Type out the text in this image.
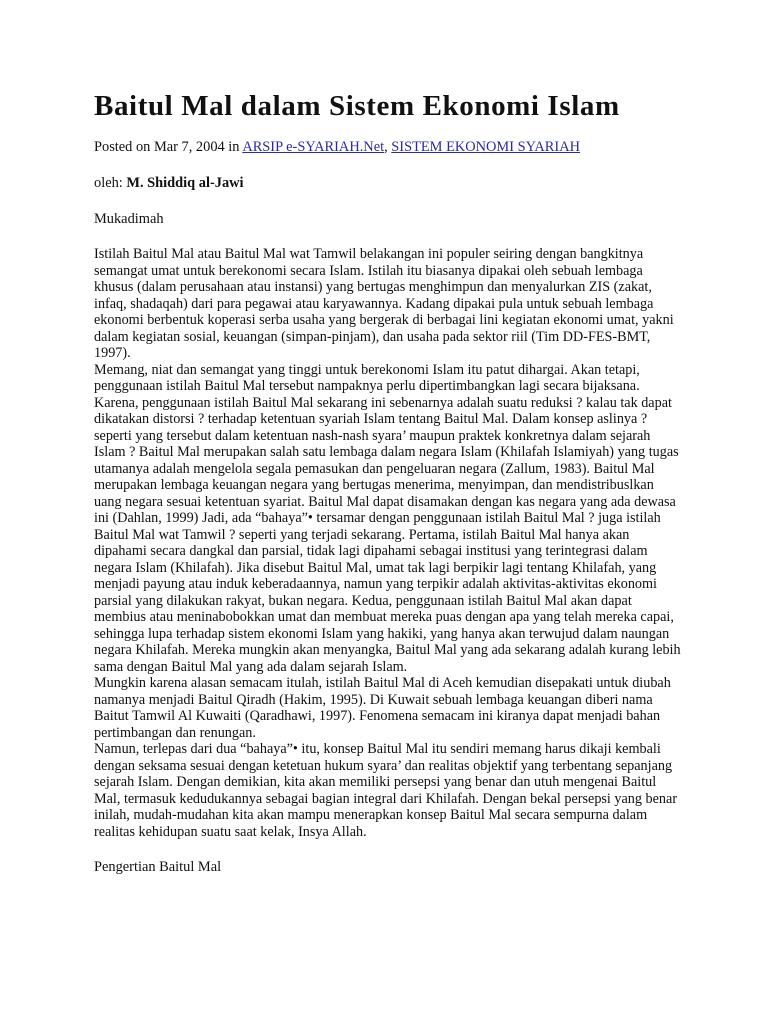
Baitul Mal dalam Sistem Ekonomi Islam
Posted on Mar 7, 2004 in ARSIP e-SYARIAH.Net, SISTEM EKONOMI SYARIAH
oleh: M. Shiddiq al-Jawi
Mukadimah

Istilah Baitul Mal atau Baitul Mal wat Tamwil belakangan ini populer seiring dengan bangkitnya semangat umat untuk berekonomi secara Islam. Istilah itu biasanya dipakai oleh sebuah lembaga khusus (dalam perusahaan atau instansi) yang bertugas menghimpun dan menyalurkan ZIS (zakat, infaq, shadaqah) dari para pegawai atau karyawannya. Kadang dipakai pula untuk sebuah lembaga ekonomi berbentuk koperasi serba usaha yang bergerak di berbagai lini kegiatan ekonomi umat, yakni dalam kegiatan sosial, keuangan (simpan-pinjam), dan usaha pada sektor riil (Tim DD-FES-BMT, 1997).

Memang, niat dan semangat yang tinggi untuk berekonomi Islam itu patut dihargai. Akan tetapi, penggunaan istilah Baitul Mal tersebut nampaknya perlu dipertimbangkan lagi secara bijaksana. Karena, penggunaan istilah Baitul Mal sekarang ini sebenarnya adalah suatu reduksi ? kalau tak dapat dikatakan distorsi ? terhadap ketentuan syariah Islam tentang Baitul Mal. Dalam konsep aslinya ? seperti yang tersebut dalam ketentuan nash-nash syara’ maupun praktek konkretnya dalam sejarah Islam ? Baitul Mal merupakan salah satu lembaga dalam negara Islam (Khilafah Islamiyah) yang tugas utamanya adalah mengelola segala pemasukan dan pengeluaran negara (Zallum, 1983). Baitul Mal merupakan lembaga keuangan negara yang bertugas menerima, menyimpan, dan mendistribuslkan uang negara sesuai ketentuan syariat. Baitul Mal dapat disamakan dengan kas negara yang ada dewasa ini (Dahlan, 1999) Jadi, ada “bahaya”• tersamar dengan penggunaan istilah Baitul Mal ? juga istilah Baitul Mal wat Tamwil ? seperti yang terjadi sekarang. Pertama, istilah Baitul Mal hanya akan dipahami secara dangkal dan parsial, tidak lagi dipahami sebagai institusi yang terintegrasi dalam negara Islam (Khilafah). Jika disebut Baitul Mal, umat tak lagi berpikir lagi tentang Khilafah, yang menjadi payung atau induk keberadaannya, namun yang terpikir adalah aktivitas-aktivitas ekonomi parsial yang dilakukan rakyat, bukan negara. Kedua, penggunaan istilah Baitul Mal akan dapat membius atau meninabobokkan umat dan membuat mereka puas dengan apa yang telah mereka capai, sehingga lupa terhadap sistem ekonomi Islam yang hakiki, yang hanya akan terwujud dalam naungan negara Khilafah. Mereka mungkin akan menyangka, Baitul Mal yang ada sekarang adalah kurang lebih sama dengan Baitul Mal yang ada dalam sejarah Islam.

Mungkin karena alasan semacam itulah, istilah Baitul Mal di Aceh kemudian disepakati untuk diubah namanya menjadi Baitul Qiradh (Hakim, 1995). Di Kuwait sebuah lembaga keuangan diberi nama Baitut Tamwil Al Kuwaiti (Qaradhawi, 1997). Fenomena semacam ini kiranya dapat menjadi bahan pertimbangan dan renungan.

Namun, terlepas dari dua “bahaya”• itu, konsep Baitul Mal itu sendiri memang harus dikaji kembali dengan seksama sesuai dengan ketetuan hukum syara’ dan realitas objektif yang terbentang sepanjang sejarah Islam. Dengan demikian, kita akan memiliki persepsi yang benar dan utuh mengenai Baitul Mal, termasuk kedudukannya sebagai bagian integral dari Khilafah. Dengan bekal persepsi yang benar inilah, mudah-mudahan kita akan mampu menerapkan konsep Baitul Mal secara sempurna dalam realitas kehidupan suatu saat kelak, Insya Allah.

Pengertian Baitul Mal
